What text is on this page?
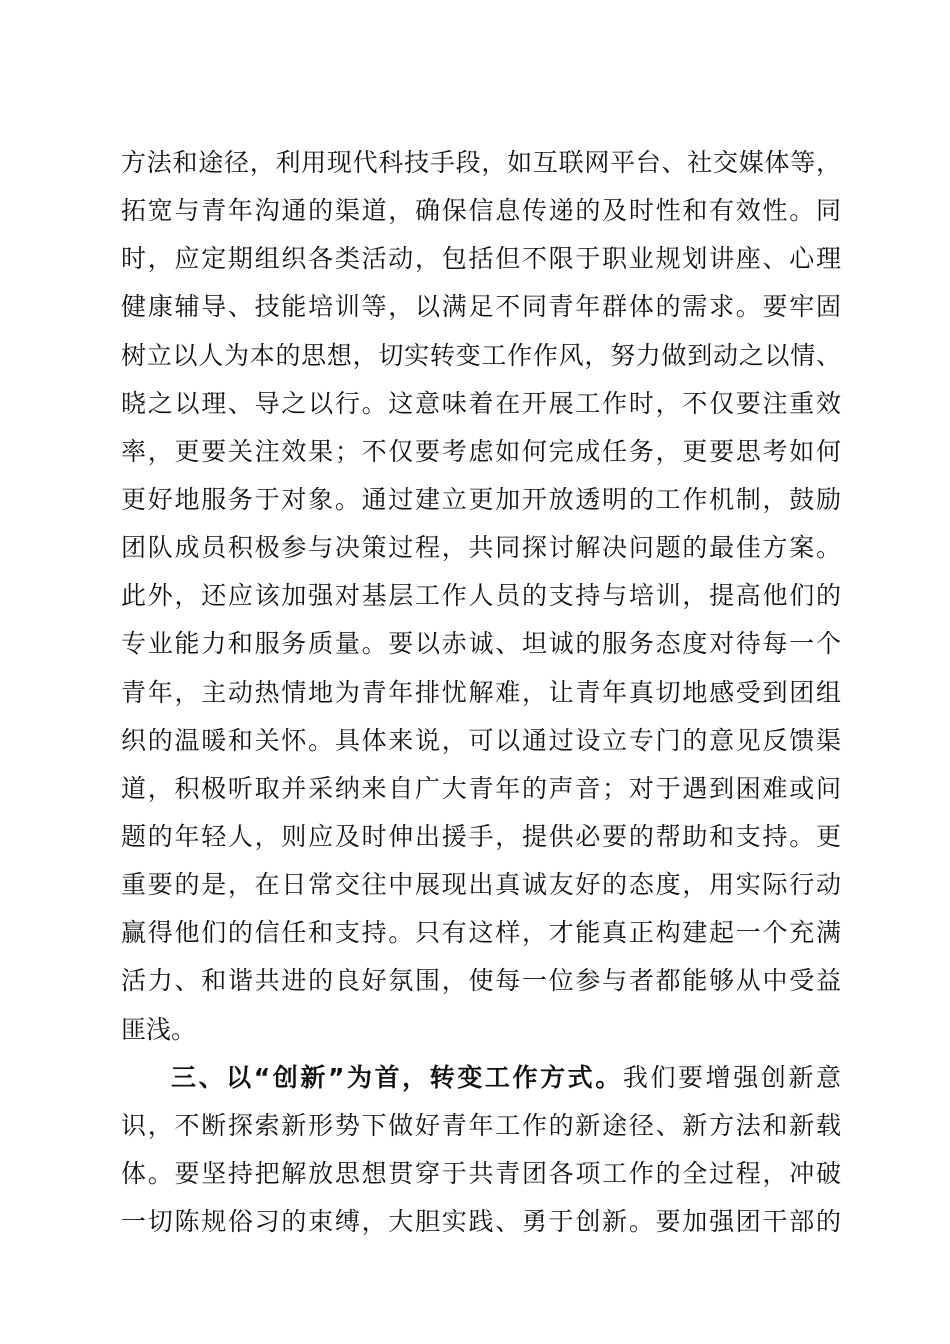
方法和途径，利用现代科技手段，如互联网平台、社交媒体等，
拓宽与青年沟通的渠道，确保信息传递的及时性和有效性。同
时，应定期组织各类活动，包括但不限于职业规划讲座、心理
健康辅导、技能培训等，以满足不同青年群体的需求。要牢固
树立以人为本的思想，切实转变工作作风，努力做到动之以情、
晓之以理、导之以行。这意味着在开展工作时，不仅要注重效
率，更要关注效果；不仅要考虑如何完成任务，更要思考如何
更好地服务于对象。通过建立更加开放透明的工作机制，鼓励
团队成员积极参与决策过程，共同探讨解决问题的最佳方案。
此外，还应该加强对基层工作人员的支持与培训，提高他们的
专业能力和服务质量。要以赤诚、坦诚的服务态度对待每一个
青年，主动热情地为青年排忧解难，让青年真切地感受到团组
织的温暖和关怀。具体来说，可以通过设立专门的意见反馈渠
道，积极听取并采纳来自广大青年的声音；对于遇到困难或问
题的年轻人，则应及时伸出援手，提供必要的帮助和支持。更
重要的是，在日常交往中展现出真诚友好的态度，用实际行动
赢得他们的信任和支持。只有这样，才能真正构建起一个充满
活力、和谐共进的良好氛围，使每一位参与者都能够从中受益
匪浅。
三、以“创新”为首，转变工作方式。我们要增强创新意
识，不断探索新形势下做好青年工作的新途径、新方法和新载
体。要坚持把解放思想贯穿于共青团各项工作的全过程，冲破
一切陈规俗习的束缚，大胆实践、勇于创新。要加强团干部的
